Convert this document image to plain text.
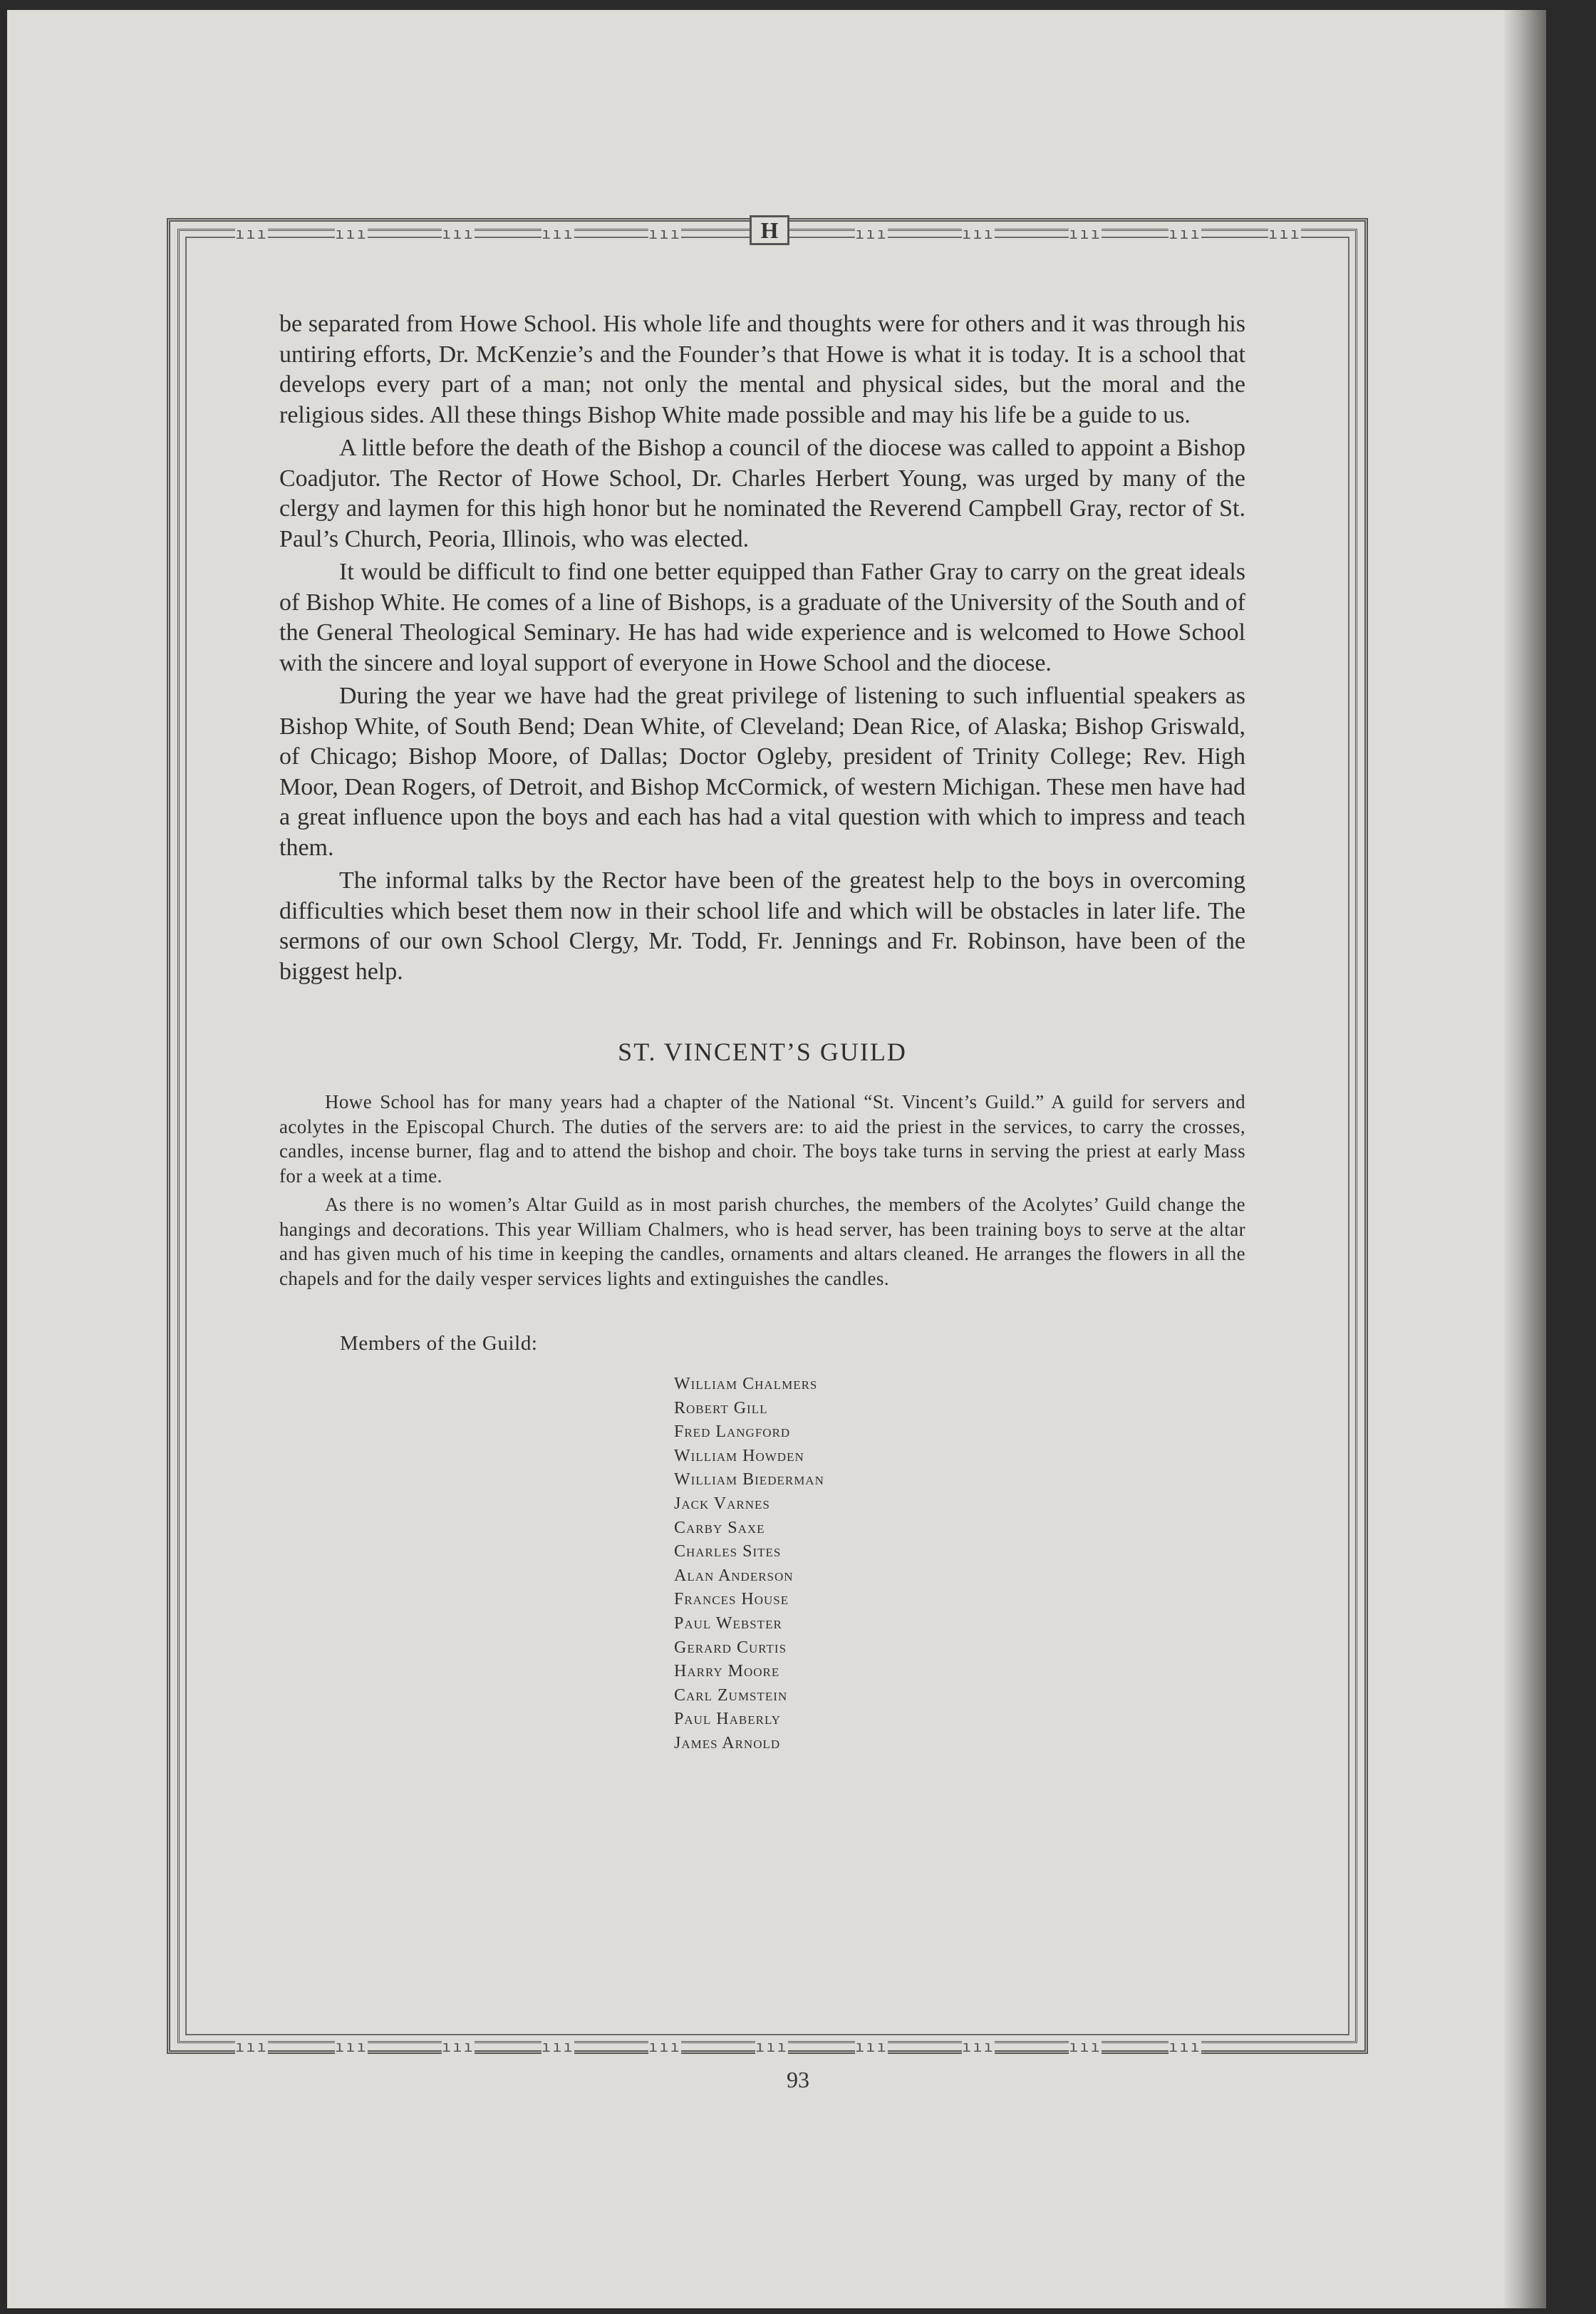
ııı	ııı	ııı	ııı	ııı	ııı	ııı	ııı	ııı	ııı
ııı	ııı	ııı	ııı	ııı	ııı	ııı	ııı	ııı	ııı
H

be separated from Howe School. His whole life and thoughts were for others and it was through his untiring efforts, Dr. McKenzie’s and the Founder’s that Howe is what it is today. It is a school that develops every part of a man; not only the mental and physical sides, but the moral and the religious sides. All these things Bishop White made possible and may his life be a guide to us.

A little before the death of the Bishop a council of the diocese was called to appoint a Bishop Coadjutor. The Rector of Howe School, Dr. Charles Herbert Young, was urged by many of the clergy and laymen for this high honor but he nominated the Reverend Campbell Gray, rector of St. Paul’s Church, Peoria, Illinois, who was elected.

It would be difficult to find one better equipped than Father Gray to carry on the great ideals of Bishop White. He comes of a line of Bishops, is a graduate of the University of the South and of the General Theological Seminary. He has had wide experience and is welcomed to Howe School with the sincere and loyal support of everyone in Howe School and the diocese.

During the year we have had the great privilege of listening to such influential speakers as Bishop White, of South Bend; Dean White, of Cleveland; Dean Rice, of Alaska; Bishop Griswald, of Chicago; Bishop Moore, of Dallas; Doctor Ogleby, president of Trinity College; Rev. High Moor, Dean Rogers, of Detroit, and Bishop McCormick, of western Michigan. These men have had a great influence upon the boys and each has had a vital question with which to impress and teach them.

The informal talks by the Rector have been of the greatest help to the boys in overcoming difficulties which beset them now in their school life and which will be obstacles in later life. The sermons of our own School Clergy, Mr. Todd, Fr. Jennings and Fr. Robinson, have been of the biggest help.

ST. VINCENT’S GUILD

Howe School has for many years had a chapter of the National “St. Vincent’s Guild.” A guild for servers and acolytes in the Episcopal Church. The duties of the servers are: to aid the priest in the services, to carry the crosses, candles, incense burner, flag and to attend the bishop and choir. The boys take turns in serving the priest at early Mass for a week at a time.

As there is no women’s Altar Guild as in most parish churches, the members of the Acolytes’ Guild change the hangings and decorations. This year William Chalmers, who is head server, has been training boys to serve at the altar and has given much of his time in keeping the candles, ornaments and altars cleaned. He arranges the flowers in all the chapels and for the daily vesper services lights and extinguishes the candles.

Members of the Guild:
William Chalmers
Robert Gill
Fred Langford
William Howden
William Biederman
Jack Varnes
Carby Saxe
Charles Sites
Alan Anderson
Frances House
Paul Webster
Gerard Curtis
Harry Moore
Carl Zumstein
Paul Haberly
James Arnold
93
